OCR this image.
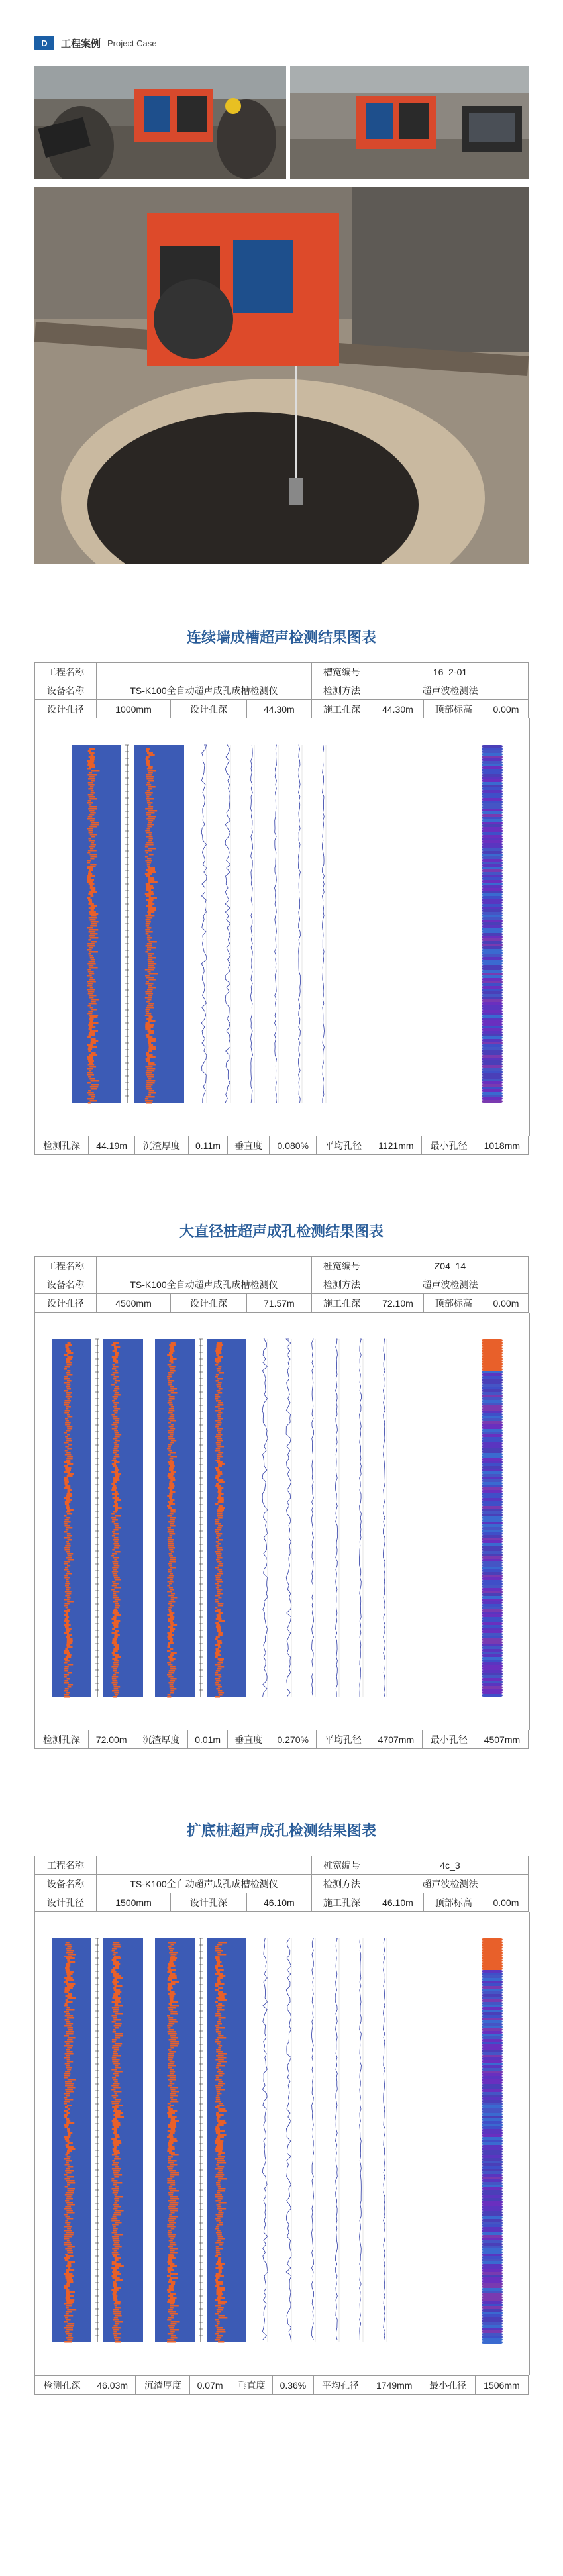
D	工程案例 Project Case
连续墙成槽超声检测结果图表
工程名称				槽宽编号	16_2-01		
设备名称	TS-K100全自动超声成孔成槽检测仪			检测方法	超声波检测法		
设计孔径	1000mm	设计孔深	44.30m	施工孔深	44.30m	顶部标高	0.00m
检测孔深	44.19m	沉渣厚度	0.11m	垂直度	0.080%	平均孔径	1121mm	最小孔径	1018mm
大直径桩超声成孔检测结果图表
工程名称				桩宽编号	Z04_14		
设备名称	TS-K100全自动超声成孔成槽检测仪			检测方法	超声波检测法		
设计孔径	4500mm	设计孔深	71.57m	施工孔深	72.10m	顶部标高	0.00m
检测孔深	72.00m	沉渣厚度	0.01m	垂直度	0.270%	平均孔径	4707mm	最小孔径	4507mm
扩底桩超声成孔检测结果图表
工程名称				桩宽编号	4c_3		
设备名称	TS-K100全自动超声成孔成槽检测仪			检测方法	超声波检测法		
设计孔径	1500mm	设计孔深	46.10m	施工孔深	46.10m	顶部标高	0.00m
检测孔深	46.03m	沉渣厚度	0.07m	垂直度	0.36%	平均孔径	1749mm	最小孔径	1506mm
